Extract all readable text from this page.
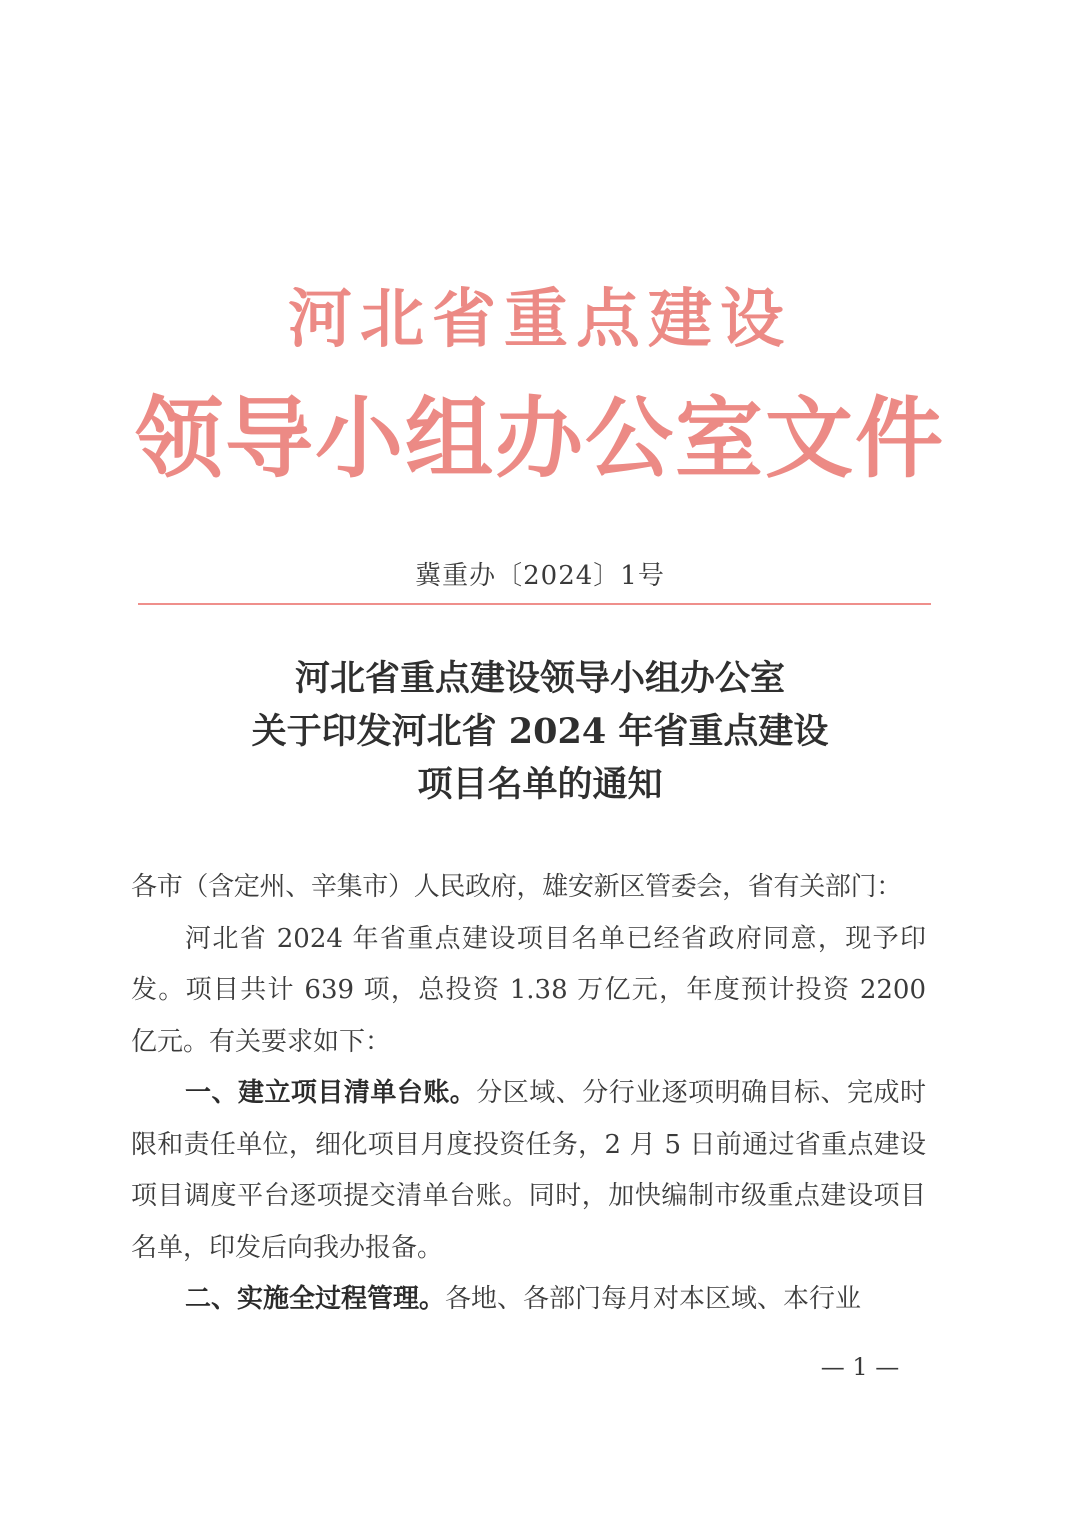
河北省重点建设
领导小组办公室文件
冀重办〔2024〕1号
河北省重点建设领导小组办公室
关于印发河北省 2024 年省重点建设
项目名单的通知

各市（含定州、辛集市）人民政府，雄安新区管委会，省有关部门：

河北省 2024 年省重点建设项目名单已经省政府同意，现予印发。项目共计 639 项，总投资 1.38 万亿元，年度预计投资 2200 亿元。有关要求如下：

一、建立项目清单台账。分区域、分行业逐项明确目标、完成时限和责任单位，细化项目月度投资任务，2 月 5 日前通过省重点建设项目调度平台逐项提交清单台账。同时，加快编制市级重点建设项目名单，印发后向我办报备。

二、实施全过程管理。各地、各部门每月对本区域、本行业

— 1 —
